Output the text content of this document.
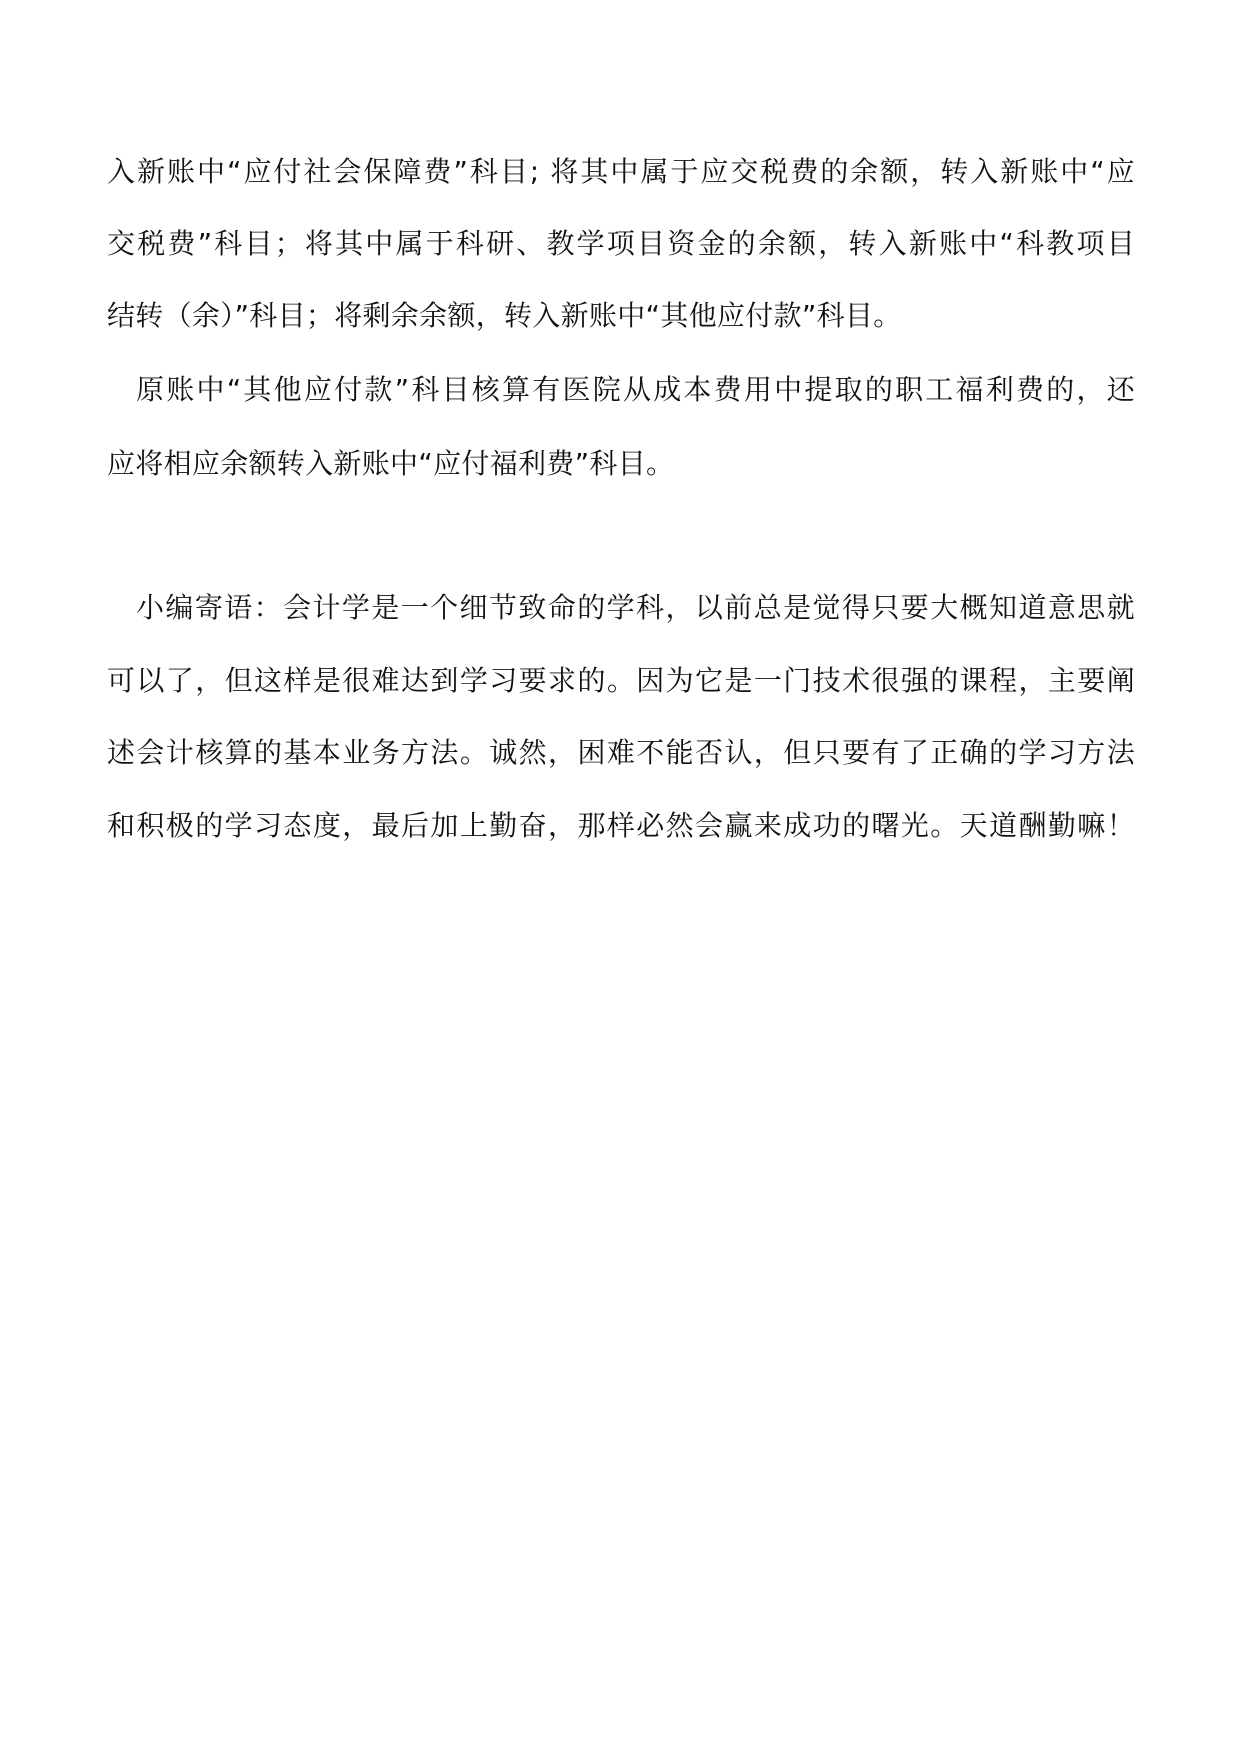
入新账中“应付社会保障费”科目; 将其中属于应交税费的余额，转入新账中“应
交税费”科目；将其中属于科研、教学项目资金的余额，转入新账中“科教项目
结转（余）”科目；将剩余余额，转入新账中“其他应付款”科目。
原账中“其他应付款”科目核算有医院从成本费用中提取的职工福利费的，还
应将相应余额转入新账中“应付福利费”科目。
小编寄语：会计学是一个细节致命的学科，以前总是觉得只要大概知道意思就
可以了，但这样是很难达到学习要求的。因为它是一门技术很强的课程，主要阐
述会计核算的基本业务方法。诚然，困难不能否认，但只要有了正确的学习方法
和积极的学习态度，最后加上勤奋，那样必然会赢来成功的曙光。天道酬勤嘛！
